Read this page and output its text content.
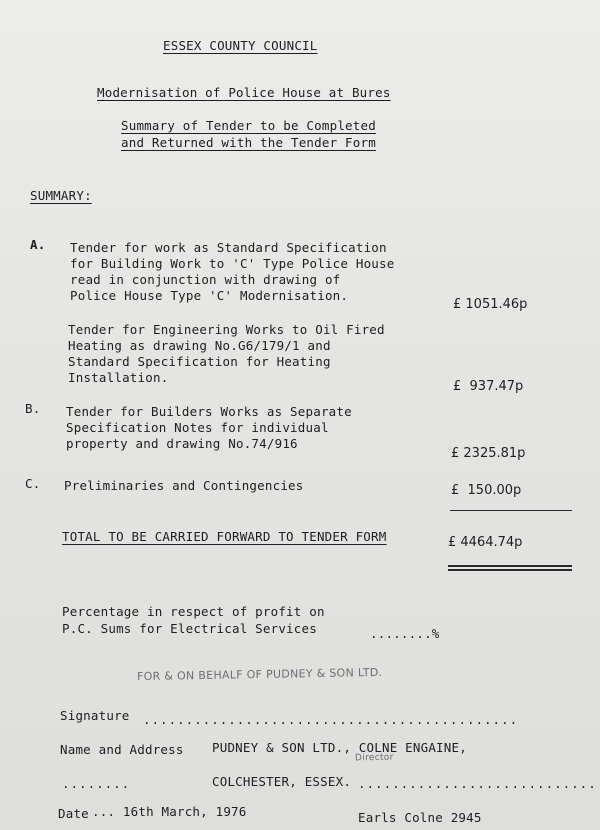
ESSEX COUNTY COUNCIL
Modernisation of Police House at Bures
Summary of Tender to be Completed
and Returned with the Tender Form
SUMMARY:
A. Tender for work as Standard Specification
for Building Work to 'C' Type Police House
read in conjunction with drawing of
Police House Type 'C' Modernisation.
£ 1051.46p
Tender for Engineering Works to Oil Fired
Heating as drawing No.G6/179/1 and
Standard Specification for Heating
Installation.
£  937.47p
B. Tender for Builders Works as Separate
Specification Notes for individual
property and drawing No.74/916
£ 2325.81p
C. Preliminaries and Contingencies	£  150.00p
TOTAL TO BE CARRIED FORWARD TO TENDER FORM	£ 4464.74p
Percentage in respect of profit on
P.C. Sums for Electrical Services	........%
FOR & ON BEHALF OF PUDNEY & SON LTD.
Signature ............................................
Name and Address PUDNEY & SON LTD., COLNE ENGAINE,
Director
........	COLCHESTER, ESSEX. ............................
Date ... 16th March, 1976	Earls Colne 2945
